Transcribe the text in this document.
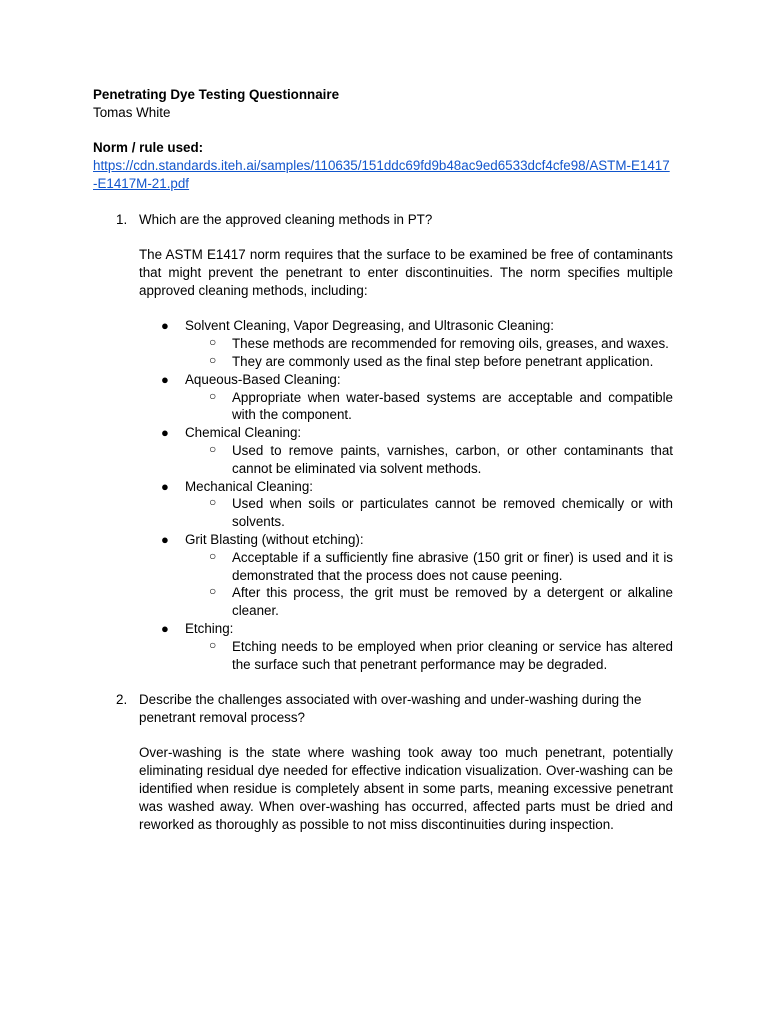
Penetrating Dye Testing Questionnaire
Tomas White
Norm / rule used:
https://cdn.standards.iteh.ai/samples/110635/151ddc69fd9b48ac9ed6533dcf4cfe98/ASTM-E1417-E1417M-21.pdf
1. Which are the approved cleaning methods in PT?
The ASTM E1417 norm requires that the surface to be examined be free of contaminants that might prevent the penetrant to enter discontinuities. The norm specifies multiple approved cleaning methods, including:
● Solvent Cleaning, Vapor Degreasing, and Ultrasonic Cleaning:
○ These methods are recommended for removing oils, greases, and waxes.
○ They are commonly used as the final step before penetrant application.
● Aqueous-Based Cleaning:
○ Appropriate when water-based systems are acceptable and compatible with the component.
● Chemical Cleaning:
○ Used to remove paints, varnishes, carbon, or other contaminants that cannot be eliminated via solvent methods.
● Mechanical Cleaning:
○ Used when soils or particulates cannot be removed chemically or with solvents.
● Grit Blasting (without etching):
○ Acceptable if a sufficiently fine abrasive (150 grit or finer) is used and it is demonstrated that the process does not cause peening.
○ After this process, the grit must be removed by a detergent or alkaline cleaner.
● Etching:
○ Etching needs to be employed when prior cleaning or service has altered the surface such that penetrant performance may be degraded.
2. Describe the challenges associated with over-washing and under-washing during the penetrant removal process?
Over-washing is the state where washing took away too much penetrant, potentially eliminating residual dye needed for effective indication visualization. Over-washing can be identified when residue is completely absent in some parts, meaning excessive penetrant was washed away. When over-washing has occurred, affected parts must be dried and reworked as thoroughly as possible to not miss discontinuities during inspection.
